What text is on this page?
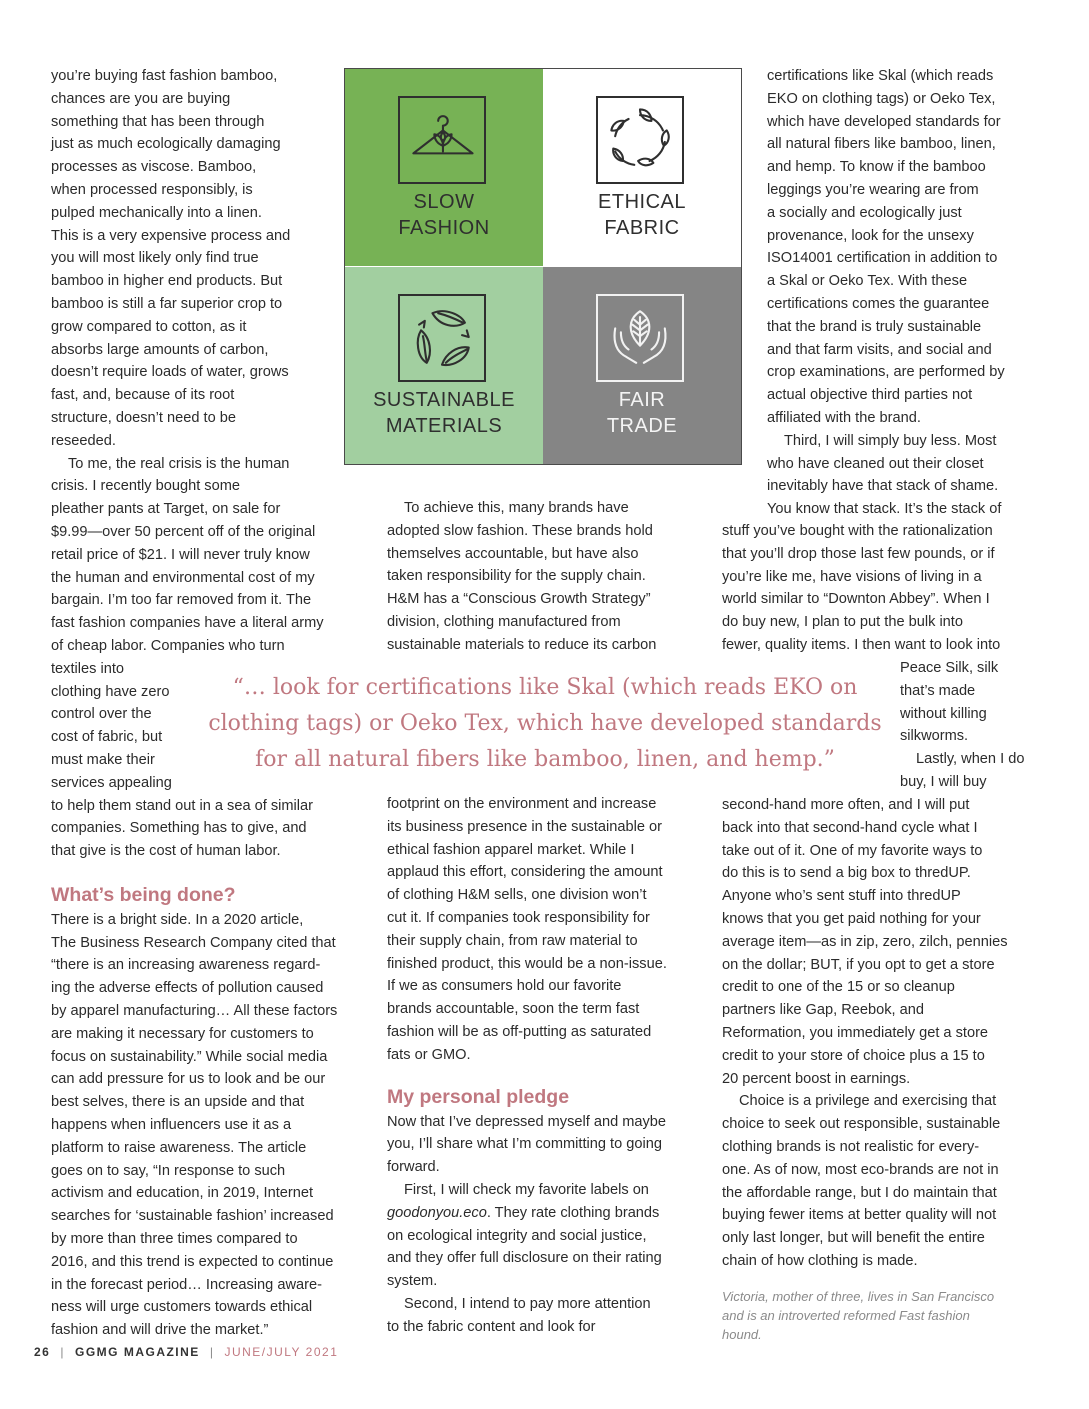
you’re buying fast fashion bamboo,
chances are you are buying
something that has been through
just as much ecologically damaging
processes as viscose. Bamboo,
when processed responsibly, is
pulped mechanically into a linen.
This is a very expensive process and
you will most likely only find true
bamboo in higher end products. But
bamboo is still a far superior crop to
grow compared to cotton, as it
absorbs large amounts of carbon,
doesn’t require loads of water, grows
fast, and, because of its root
structure, doesn’t need to be
reseeded.

To me, the real crisis is the human
crisis. I recently bought some
pleather pants at Target, on sale for
$9.99—over 50 percent off of the original
retail price of $21. I will never truly know
the human and environmental cost of my
bargain. I’m too far removed from it. The
fast fashion companies have a literal army
of cheap labor. Companies who turn
textiles into
clothing have zero
control over the
cost of fabric, but
must make their
services appealing
to help them stand out in a sea of similar
companies. Something has to give, and
that give is the cost of human labor.

What’s being done?

There is a bright side. In a 2020 article,
The Business Research Company cited that
“there is an increasing awareness regard-
ing the adverse effects of pollution caused
by apparel manufacturing… All these factors
are making it necessary for customers to
focus on sustainability.” While social media
can add pressure for us to look and be our
best selves, there is an upside and that
happens when influencers use it as a
platform to raise awareness. The article
goes on to say, “In response to such
activism and education, in 2019, Internet
searches for ‘sustainable fashion’ increased
by more than three times compared to
2016, and this trend is expected to continue
in the forecast period… Increasing aware-
ness will urge customers towards ethical
fashion and will drive the market.”

SLOW
FASHION
ETHICAL
FABRIC
SUSTAINABLE
MATERIALS
FAIR
TRADE

To achieve this, many brands have
adopted slow fashion. These brands hold
themselves accountable, but have also
taken responsibility for the supply chain.
H&M has a “Conscious Growth Strategy”
division, clothing manufactured from
sustainable materials to reduce its carbon

footprint on the environment and increase
its business presence in the sustainable or
ethical fashion apparel market. While I
applaud this effort, considering the amount
of clothing H&M sells, one division won’t
cut it. If companies took responsibility for
their supply chain, from raw material to
finished product, this would be a non-issue.
If we as consumers hold our favorite
brands accountable, soon the term fast
fashion will be as off-putting as saturated
fats or GMO.

My personal pledge

Now that I’ve depressed myself and maybe
you, I’ll share what I’m committing to going
forward.

First, I will check my favorite labels on
goodonyou.eco. They rate clothing brands
on ecological integrity and social justice,
and they offer full disclosure on their rating
system.

Second, I intend to pay more attention
to the fabric content and look for

certifications like Skal (which reads
EKO on clothing tags) or Oeko Tex,
which have developed standards for
all natural fibers like bamboo, linen,
and hemp. To know if the bamboo
leggings you’re wearing are from
a socially and ecologically just
provenance, look for the unsexy
ISO14001 certification in addition to
a Skal or Oeko Tex. With these
certifications comes the guarantee
that the brand is truly sustainable
and that farm visits, and social and
crop examinations, are performed by
actual objective third parties not
affiliated with the brand.

Third, I will simply buy less. Most
who have cleaned out their closet
inevitably have that stack of shame.
You know that stack. It’s the stack of

stuff you’ve bought with the rationalization
that you’ll drop those last few pounds, or if
you’re like me, have visions of living in a
world similar to “Downton Abbey”. When I
do buy new, I plan to put the bulk into
fewer, quality items. I then want to look into

Peace Silk, silk
that’s made
without killing
silkworms.

Lastly, when I do
buy, I will buy

second-hand more often, and I will put
back into that second-hand cycle what I
take out of it. One of my favorite ways to
do this is to send a big box to thredUP.
Anyone who’s sent stuff into thredUP
knows that you get paid nothing for your
average item—as in zip, zero, zilch, pennies
on the dollar; BUT, if you opt to get a store
credit to one of the 15 or so cleanup
partners like Gap, Reebok, and
Reformation, you immediately get a store
credit to your store of choice plus a 15 to
20 percent boost in earnings.

Choice is a privilege and exercising that
choice to seek out responsible, sustainable
clothing brands is not realistic for every-
one. As of now, most eco-brands are not in
the affordable range, but I do maintain that
buying fewer items at better quality will not
only last longer, but will benefit the entire
chain of how clothing is made.

Victoria, mother of three, lives in San Francisco
and is an introverted reformed Fast fashion
hound.

“… look for certifications like Skal (which reads EKO on
clothing tags) or Oeko Tex, which have developed standards
for all natural fibers like bamboo, linen, and hemp.”
26 | GGMG MAGAZINE | JUNE/JULY 2021
